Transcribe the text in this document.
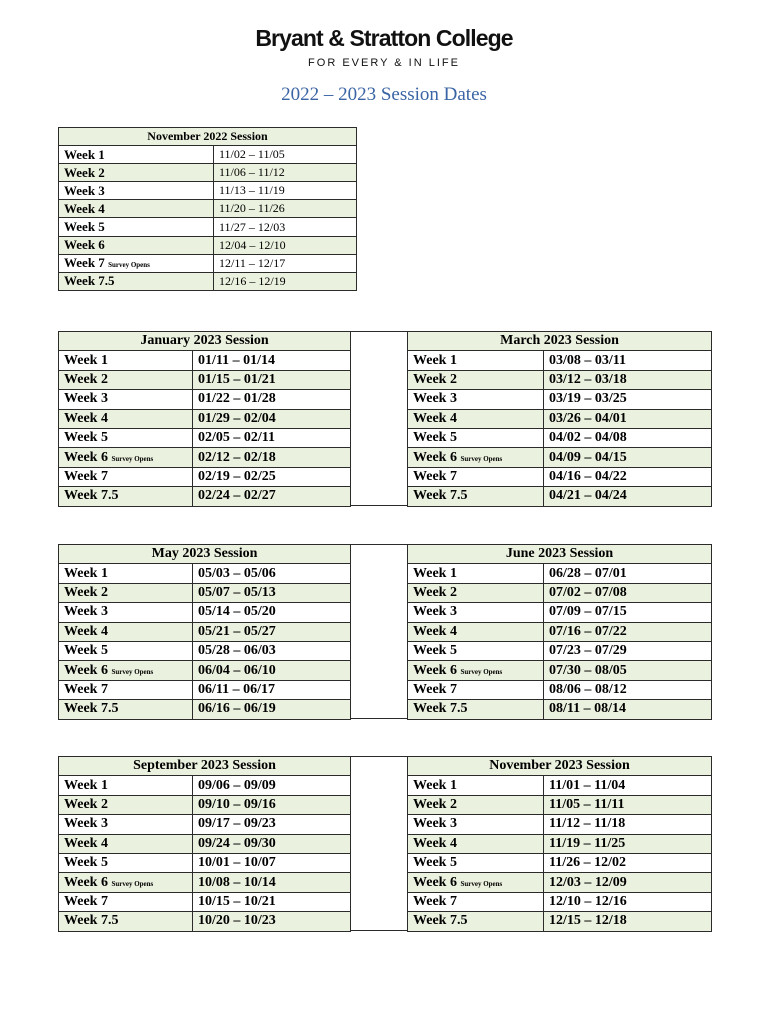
Bryant & Stratton College
FOR EVERY & IN LIFE
2022 – 2023 Session Dates
November 2022 Session	
Week 1	11/02 – 11/05
Week 2	11/06 – 11/12
Week 3	11/13 – 11/19
Week 4	11/20 – 11/26
Week 5	11/27 – 12/03
Week 6	12/04 – 12/10
Week 7 Survey Opens	12/11 – 12/17
Week 7.5	12/16 – 12/19
January 2023 Session	
Week 1	01/11 – 01/14
Week 2	01/15 – 01/21
Week 3	01/22 – 01/28
Week 4	01/29 – 02/04
Week 5	02/05 – 02/11
Week 6 Survey Opens	02/12 – 02/18
Week 7	02/19 – 02/25
Week 7.5	02/24 – 02/27
March 2023 Session	
Week 1	03/08 – 03/11
Week 2	03/12 – 03/18
Week 3	03/19 – 03/25
Week 4	03/26 – 04/01
Week 5	04/02 – 04/08
Week 6 Survey Opens	04/09 – 04/15
Week 7	04/16 – 04/22
Week 7.5	04/21 – 04/24
May 2023 Session	
Week 1	05/03 – 05/06
Week 2	05/07 – 05/13
Week 3	05/14 – 05/20
Week 4	05/21 – 05/27
Week 5	05/28 – 06/03
Week 6 Survey Opens	06/04 – 06/10
Week 7	06/11 – 06/17
Week 7.5	06/16 – 06/19
June 2023 Session	
Week 1	06/28 – 07/01
Week 2	07/02 – 07/08
Week 3	07/09 – 07/15
Week 4	07/16 – 07/22
Week 5	07/23 – 07/29
Week 6 Survey Opens	07/30 – 08/05
Week 7	08/06 – 08/12
Week 7.5	08/11 – 08/14
September 2023 Session	
Week 1	09/06 – 09/09
Week 2	09/10 – 09/16
Week 3	09/17 – 09/23
Week 4	09/24 – 09/30
Week 5	10/01 – 10/07
Week 6 Survey Opens	10/08 – 10/14
Week 7	10/15 – 10/21
Week 7.5	10/20 – 10/23
November 2023 Session	
Week 1	11/01 – 11/04
Week 2	11/05 – 11/11
Week 3	11/12 – 11/18
Week 4	11/19 – 11/25
Week 5	11/26 – 12/02
Week 6 Survey Opens	12/03 – 12/09
Week 7	12/10 – 12/16
Week 7.5	12/15 – 12/18
